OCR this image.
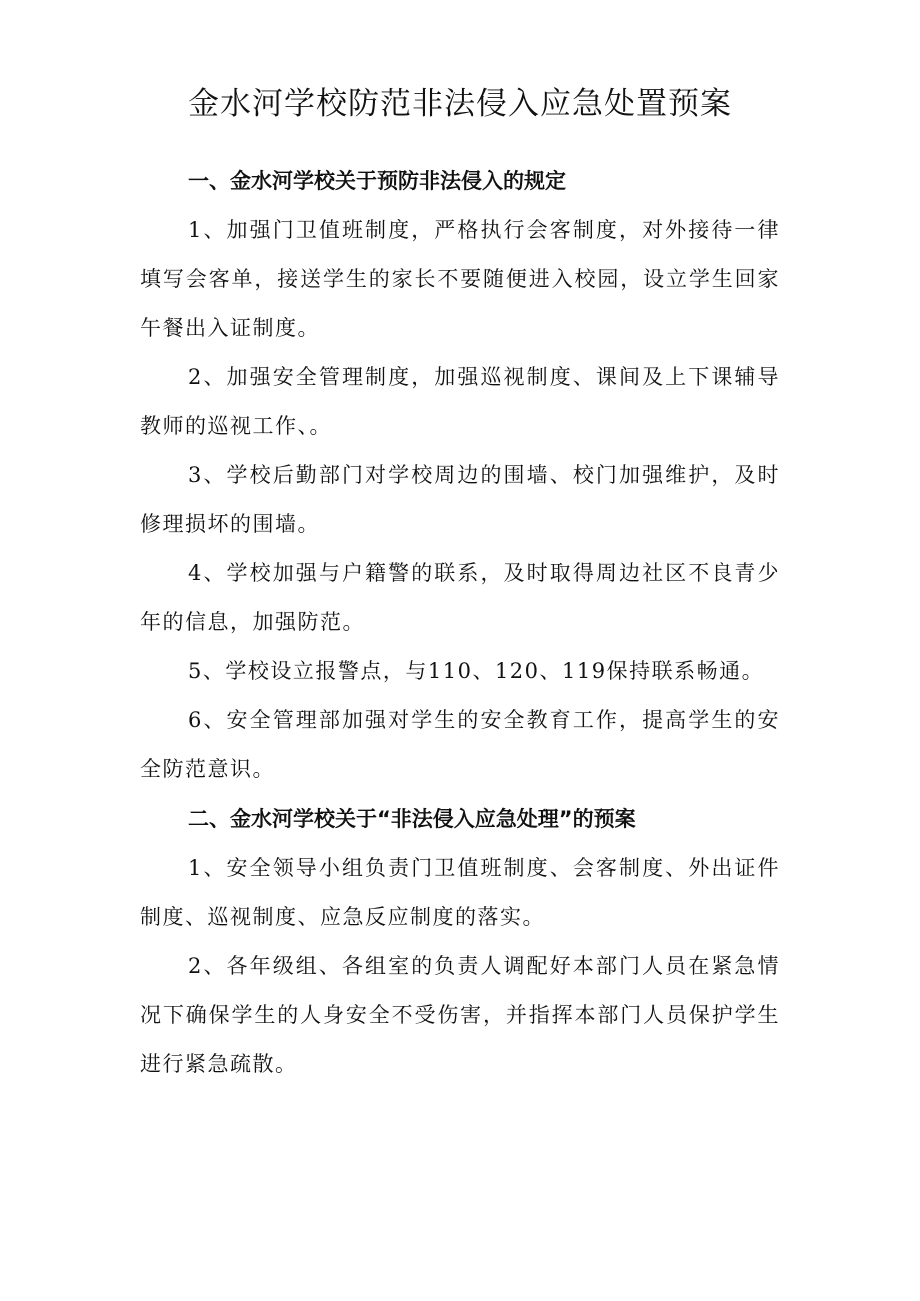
金水河学校防范非法侵入应急处置预案
一、金水河学校关于预防非法侵入的规定

1、加强门卫值班制度，严格执行会客制度，对外接待一律填写会客单，接送学生的家长不要随便进入校园，设立学生回家午餐出入证制度。

2、加强安全管理制度，加强巡视制度、课间及上下课辅导教师的巡视工作、。

3、学校后勤部门对学校周边的围墙、校门加强维护，及时修理损坏的围墙。

4、学校加强与户籍警的联系，及时取得周边社区不良青少年的信息，加强防范。

5、学校设立报警点，与110、120、119保持联系畅通。

6、安全管理部加强对学生的安全教育工作，提高学生的安全防范意识。

二、金水河学校关于“非法侵入应急处理”的预案

1、安全领导小组负责门卫值班制度、会客制度、外出证件制度、巡视制度、应急反应制度的落实。

2、各年级组、各组室的负责人调配好本部门人员在紧急情况下确保学生的人身安全不受伤害，并指挥本部门人员保护学生进行紧急疏散。
